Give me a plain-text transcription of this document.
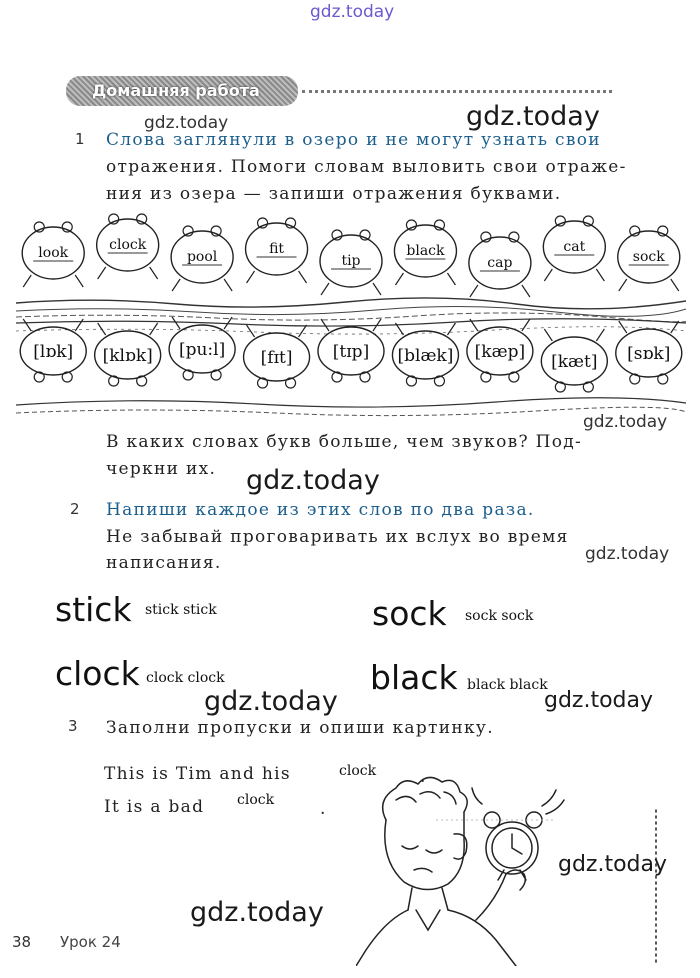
gdz.today
gdz.today	gdz.today
gdz.today
gdz.today
gdz.today
gdz.today	gdz.today
gdz.today
gdz.today
Домашняя работа
1 Слова заглянули в озеро и не могут узнать свои
отражения. Помоги словам выловить свои отраже-
ния из озера — запиши отражения буквами.
look	clock
pool	fit
tip
black
cap
cat
sock
[lɒk] [klɒk] [pu:l] [fɪt] [tɪp] [blæk] [kæp] [kæt] [sɒk]
В каких словах букв больше, чем звуков? Под-
черкни их.
2 Напиши каждое из этих слов по два раза.
Не забывай проговаривать их вслух во время
написания.
stick stick stick	sock sock sock
clock clock clock	black black black
3 Заполни пропуски и опиши картинку.
This is Tim and his	clock	.
It is a bad clock	.
38 Урок 24
